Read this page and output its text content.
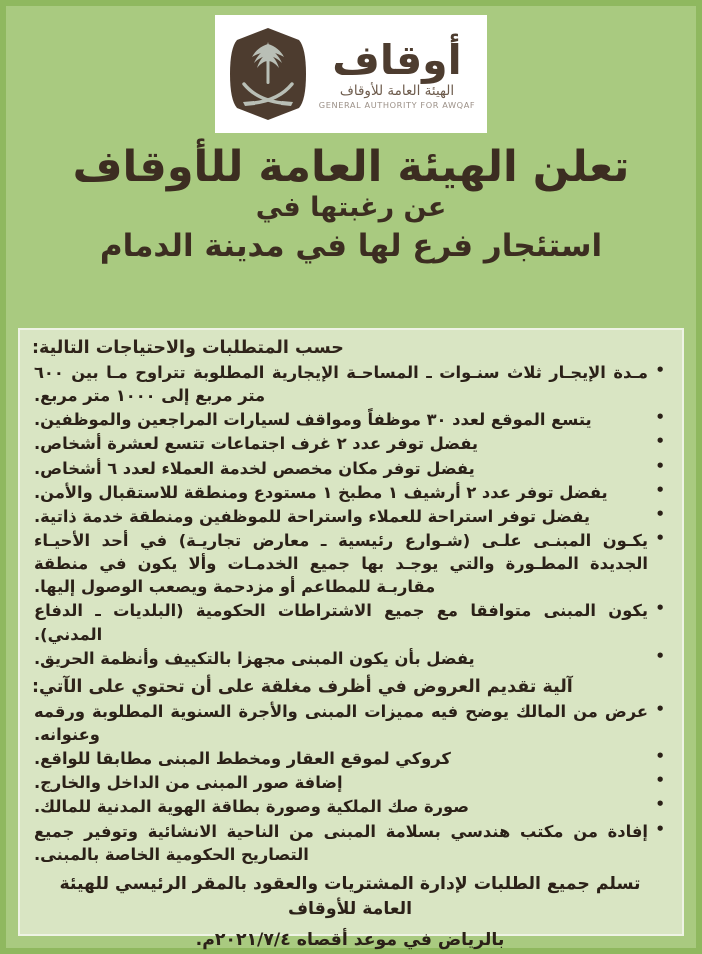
أوقاف
الهيئة العامة للأوقاف
GENERAL AUTHORITY FOR AWQAF
تعلن الهيئة العامة للأوقاف
عن رغبتها في
استئجار فرع لها في مدينة الدمام
حسب المتطلبات والاحتياجات التالية:
• مـدة الإيجـار ثلاث سنـوات ـ المساحـة الإيجارية المطلوبة تتراوح مـا بين ٦٠٠ متر مربع إلى ١٠٠٠ متر مربع.
• يتسع الموقع لعدد ٣٠ موظفاً ومواقف لسيارات المراجعين والموظفين.
• يفضل توفر عدد ٢ غرف اجتماعات تتسع لعشرة أشخاص.
• يفضل توفر مكان مخصص لخدمة العملاء لعدد ٦ أشخاص.
• يفضل توفر عدد ٢ أرشيف ١ مطبخ ١ مستودع ومنطقة للاستقبال والأمن.
• يفضل توفر استراحة للعملاء واستراحة للموظفين ومنطقة خدمة ذاتية.
• يكـون المبنـى علـى (شـوارع رئيسية ـ معارض تجاريـة) في أحد الأحيـاء الجديدة المطـورة والتي يوجـد بها جميع الخدمـات وألا يكون في منطقة مقاربـة للمطاعم أو مزدحمة ويصعب الوصول إليها.
• يكون المبنى متوافقا مع جميع الاشتراطات الحكومية (البلديات ـ الدفاع المدني).
• يفضل بأن يكون المبنى مجهزا بالتكييف وأنظمة الحريق.
آلية تقديم العروض في أظرف مغلقة على أن تحتوي على الآتي:
• عرض من المالك يوضح فيه مميزات المبنى والأجرة السنوية المطلوبة ورقمه وعنوانه.
• كروكي لموقع العقار ومخطط المبنى مطابقا للواقع.
• إضافة صور المبنى من الداخل والخارج.
• صورة صك الملكية وصورة بطاقة الهوية المدنية للمالك.
• إفادة من مكتب هندسي بسلامة المبنى من الناحية الانشائية وتوفير جميع التصاريح الحكومية الخاصة بالمبنى.
تسلم جميع الطلبات لإدارة المشتريات والعقود بالمقر الرئيسي للهيئة العامة للأوقاف
بالرياض في موعد أقصاه ٢٠٢١/٧/٤م.
